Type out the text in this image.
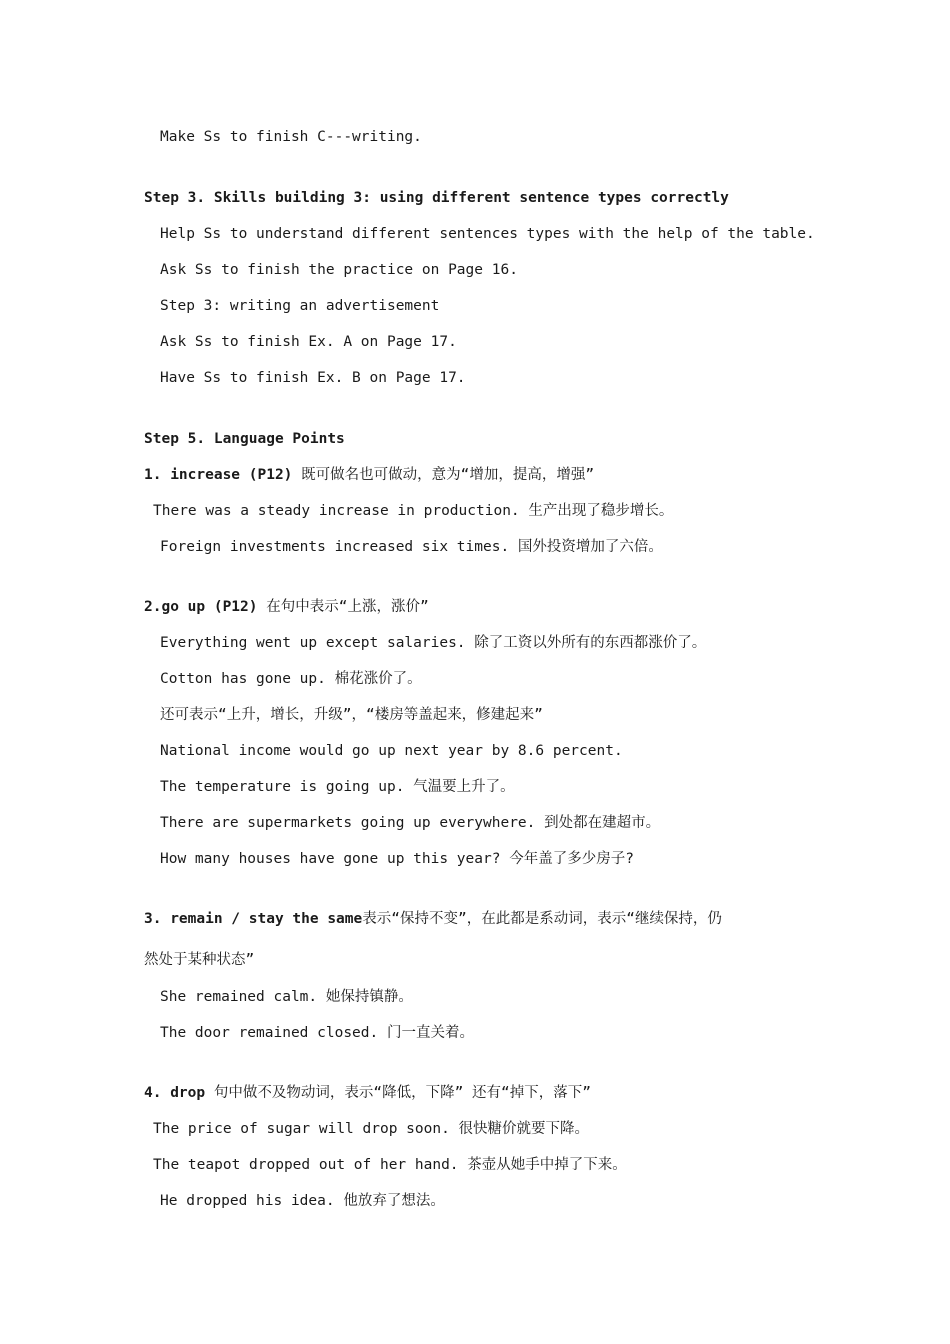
Make Ss to finish C---writing.
Step 3. Skills building 3: using different sentence types correctly
Help Ss to understand different sentences types with the help of the table.
Ask Ss to finish the practice on Page 16.
Step 3: writing an advertisement
Ask Ss to finish Ex. A on Page 17.
Have Ss to finish Ex. B on Page 17.
Step 5. Language Points
1. increase (P12) 既可做名也可做动，意为“增加，提高，增强”
There was a steady increase in production. 生产出现了稳步增长。
Foreign investments increased six times. 国外投资增加了六倍。
2.go up (P12) 在句中表示“上涨，涨价”
Everything went up except salaries. 除了工资以外所有的东西都涨价了。
Cotton has gone up. 棉花涨价了。
还可表示“上升，增长，升级”，“楼房等盖起来，修建起来”
National income would go up next year by 8.6 percent.
The temperature is going up. 气温要上升了。
There are supermarkets going up everywhere. 到处都在建超市。
How many houses have gone up this year? 今年盖了多少房子?
3. remain / stay the same表示“保持不变”，在此都是系动词，表示“继续保持，仍
然处于某种状态”
She remained calm. 她保持镇静。
The door remained closed. 门一直关着。
4. drop 句中做不及物动词，表示“降低，下降” 还有“掉下，落下”
The price of sugar will drop soon. 很快糖价就要下降。
The teapot dropped out of her hand. 茶壶从她手中掉了下来。
He dropped his idea. 他放弃了想法。
